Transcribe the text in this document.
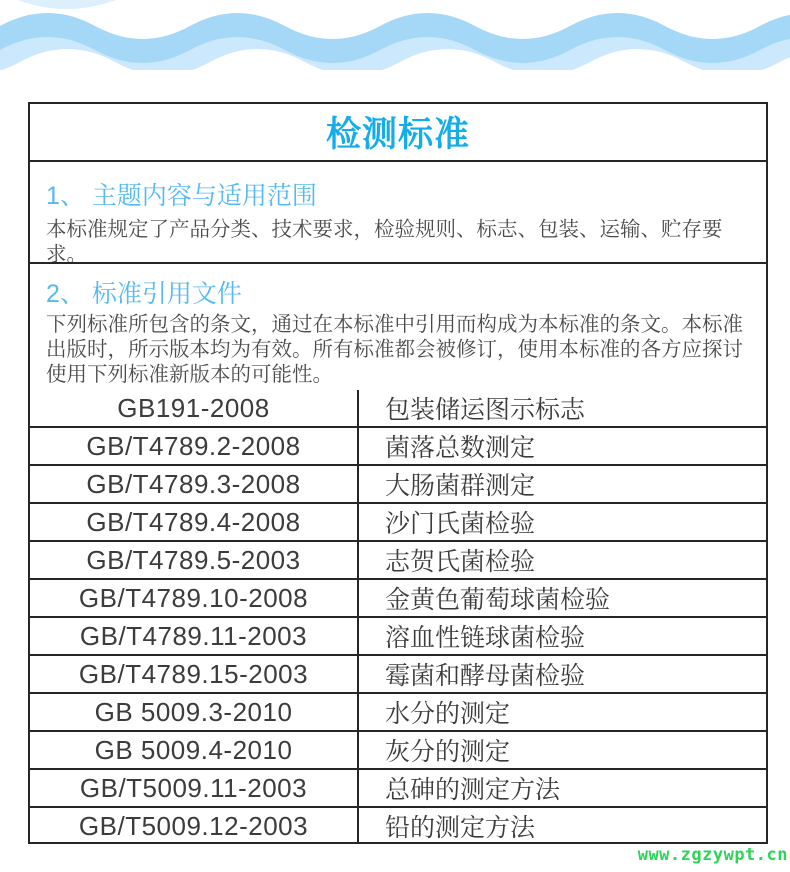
检测标准
1、 主题内容与适用范围
本标准规定了产品分类、技术要求，检验规则、标志、包装、运输、贮存要求。
2、 标准引用文件
下列标准所包含的条文，通过在本标准中引用而构成为本标准的条文。本标准
出版时，所示版本均为有效。所有标准都会被修订，使用本标准的各方应探讨
使用下列标准新版本的可能性。
GB191-2008	包装储运图示标志
GB/T4789.2-2008	菌落总数测定
GB/T4789.3-2008	大肠菌群测定
GB/T4789.4-2008	沙门氏菌检验
GB/T4789.5-2003	志贺氏菌检验
GB/T4789.10-2008	金黄色葡萄球菌检验
GB/T4789.11-2003	溶血性链球菌检验
GB/T4789.15-2003	霉菌和酵母菌检验
GB 5009.3-2010	水分的测定
GB 5009.4-2010	灰分的测定
GB/T5009.11-2003	总砷的测定方法
GB/T5009.12-2003	铅的测定方法
www.zgzywpt.cn
